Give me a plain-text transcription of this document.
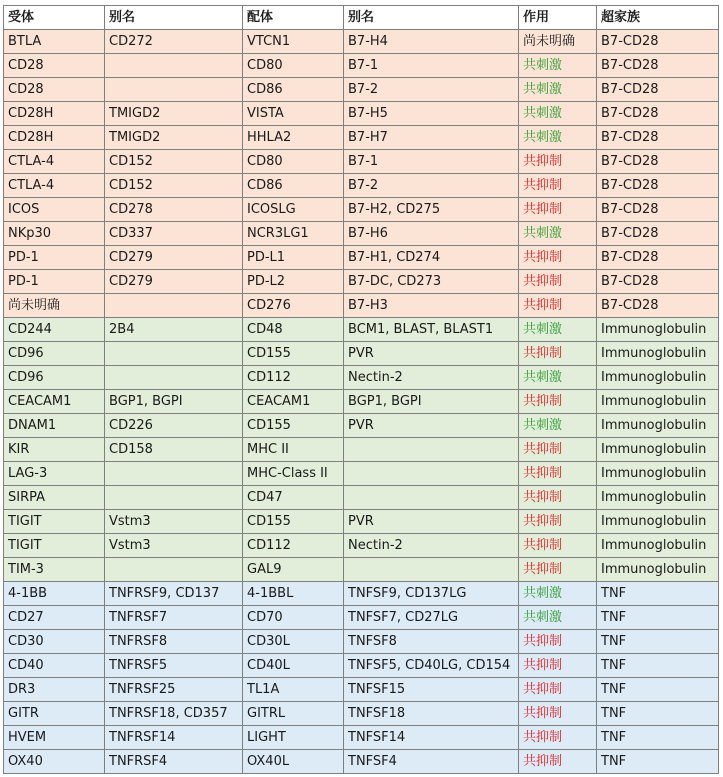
受体	别名	配体	别名	作用	超家族
BTLA	CD272	VTCN1	B7-H4	尚未明确	B7-CD28
CD28		CD80	B7-1	共刺激	B7-CD28
CD28		CD86	B7-2	共刺激	B7-CD28
CD28H	TMIGD2	VISTA	B7-H5	共刺激	B7-CD28
CD28H	TMIGD2	HHLA2	B7-H7	共刺激	B7-CD28
CTLA-4	CD152	CD80	B7-1	共抑制	B7-CD28
CTLA-4	CD152	CD86	B7-2	共抑制	B7-CD28
ICOS	CD278	ICOSLG	B7-H2, CD275	共抑制	B7-CD28
NKp30	CD337	NCR3LG1	B7-H6	共刺激	B7-CD28
PD-1	CD279	PD-L1	B7-H1, CD274	共抑制	B7-CD28
PD-1	CD279	PD-L2	B7-DC, CD273	共抑制	B7-CD28
尚未明确		CD276	B7-H3	共抑制	B7-CD28
CD244	2B4	CD48	BCM1, BLAST, BLAST1	共刺激	Immunoglobulin
CD96		CD155	PVR	共抑制	Immunoglobulin
CD96		CD112	Nectin-2	共刺激	Immunoglobulin
CEACAM1	BGP1, BGPI	CEACAM1	BGP1, BGPI	共抑制	Immunoglobulin
DNAM1	CD226	CD155	PVR	共刺激	Immunoglobulin
KIR	CD158	MHC II		共抑制	Immunoglobulin
LAG-3		MHC-Class II		共抑制	Immunoglobulin
SIRPA		CD47		共抑制	Immunoglobulin
TIGIT	Vstm3	CD155	PVR	共抑制	Immunoglobulin
TIGIT	Vstm3	CD112	Nectin-2	共抑制	Immunoglobulin
TIM-3		GAL9		共抑制	Immunoglobulin
4-1BB	TNFRSF9, CD137	4-1BBL	TNFSF9, CD137LG	共刺激	TNF
CD27	TNFRSF7	CD70	TNFSF7, CD27LG	共刺激	TNF
CD30	TNFRSF8	CD30L	TNFSF8	共抑制	TNF
CD40	TNFRSF5	CD40L	TNFSF5, CD40LG, CD154	共抑制	TNF
DR3	TNFRSF25	TL1A	TNFSF15	共抑制	TNF
GITR	TNFRSF18, CD357	GITRL	TNFSF18	共抑制	TNF
HVEM	TNFRSF14	LIGHT	TNFSF14	共抑制	TNF
OX40	TNFRSF4	OX40L	TNFSF4	共抑制	TNF
